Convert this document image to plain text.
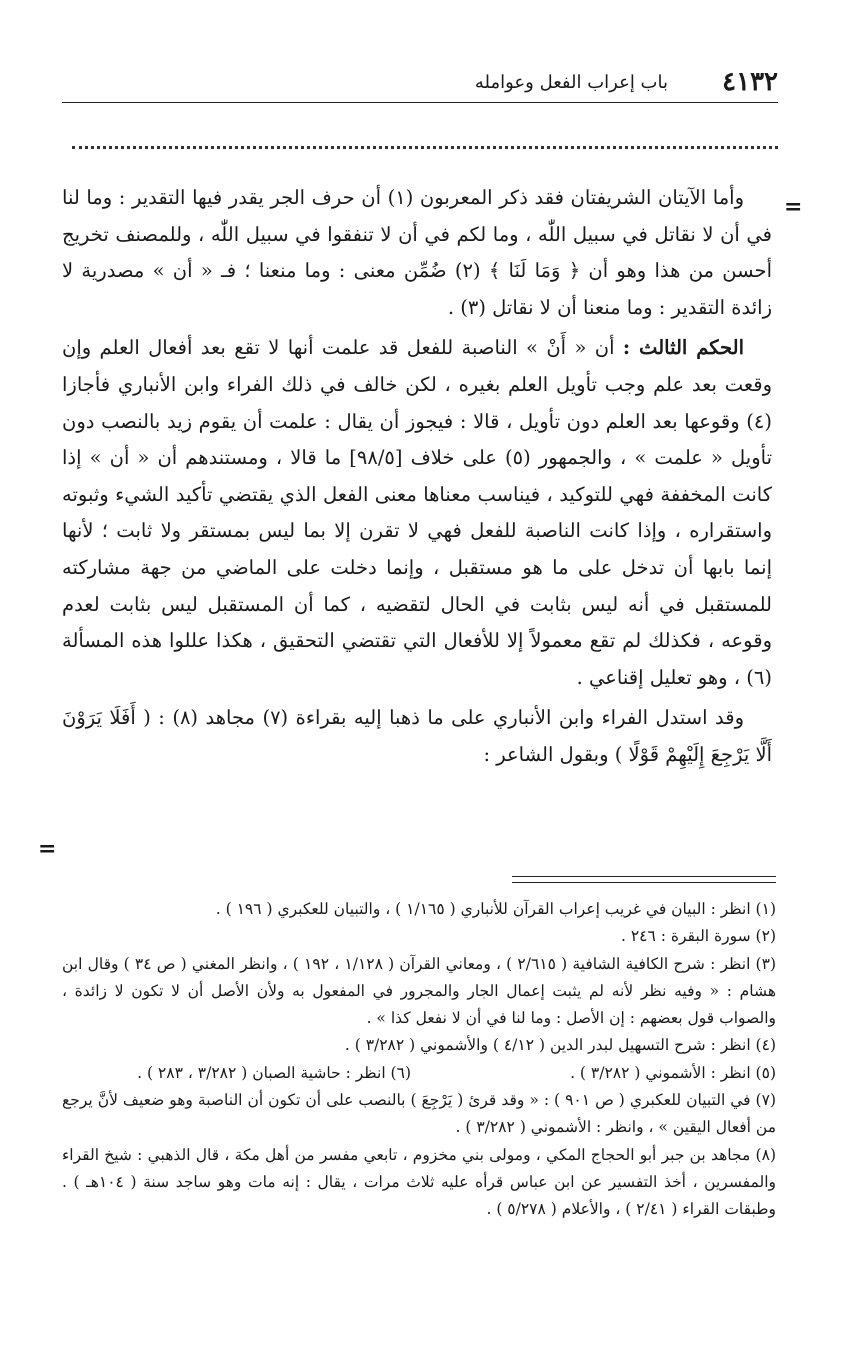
٤١٣٢
باب إعراب الفعل وعوامله
=
=

وأما الآيتان الشريفتان فقد ذكر المعربون (١) أن حرف الجر يقدر فيها التقدير : وما لنا في أن لا نقاتل في سبيل اللّٰه ، وما لكم في أن لا تنفقوا في سبيل اللّٰه ، وللمصنف تخريج أحسن من هذا وهو أن ﴿ وَمَا لَنَا ﴾ (٢) ضُمِّن معنى : وما منعنا ؛ فـ « أن » مصدرية لا زائدة التقدير : وما منعنا أن لا نقاتل (٣) .

الحكم الثالث : أن « أَنْ » الناصبة للفعل قد علمت أنها لا تقع بعد أفعال العلم وإن وقعت بعد علم وجب تأويل العلم بغيره ، لكن خالف في ذلك الفراء وابن الأنباري فأجازا (٤) وقوعها بعد العلم دون تأويل ، قالا : فيجوز أن يقال : علمت أن يقوم زيد بالنصب دون تأويل « علمت » ، والجمهور (٥) على خلاف [٩٨/٥] ما قالا ، ومستندهم أن « أن » إذا كانت المخففة فهي للتوكيد ، فيناسب معناها معنى الفعل الذي يقتضي تأكيد الشيء وثبوته واستقراره ، وإذا كانت الناصبة للفعل فهي لا تقرن إلا بما ليس بمستقر ولا ثابت ؛ لأنها إنما بابها أن تدخل على ما هو مستقبل ، وإنما دخلت على الماضي من جهة مشاركته للمستقبل في أنه ليس بثابت في الحال لتقضيه ، كما أن المستقبل ليس بثابت لعدم وقوعه ، فكذلك لم تقع معمولاً إلا للأفعال التي تقتضي التحقيق ، هكذا عللوا هذه المسألة (٦) ، وهو تعليل إقناعي .

وقد استدل الفراء وابن الأنباري على ما ذهبا إليه بقراءة (٧) مجاهد (٨) : ( أَفَلَا يَرَوْنَ أَلَّا يَرْجِعَ إِلَيْهِمْ قَوْلًا ) وبقول الشاعر :

(١) انظر : البيان في غريب إعراب القرآن للأنباري ( ١/١٦٥ ) ، والتبيان للعكبري ( ١٩٦ ) .

(٢) سورة البقرة : ٢٤٦ .

(٣) انظر : شرح الكافية الشافية ( ٢/٦١٥ ) ، ومعاني القرآن ( ١/١٢٨ ، ١٩٢ ) ، وانظر المغني ( ص ٣٤ ) وقال ابن هشام : « وفيه نظر لأنه لم يثبت إعمال الجار والمجرور في المفعول به ولأن الأصل أن لا تكون لا زائدة ، والصواب قول بعضهم : إن الأصل : وما لنا في أن لا نفعل كذا » .

(٤) انظر : شرح التسهيل لبدر الدين ( ٤/١٢ ) والأشموني ( ٣/٢٨٢ ) .

(٥) انظر : الأشموني ( ٣/٢٨٢ ) .
(٦) انظر : حاشية الصبان ( ٣/٢٨٢ ، ٢٨٣ ) .

(٧) في التبيان للعكبري ( ص ٩٠١ ) : « وقد قرئ ( يَرْجِعَ ) بالنصب على أن تكون أن الناصبة وهو ضعيف لأنَّ يرجع من أفعال اليقين » ، وانظر : الأشموني ( ٣/٢٨٢ ) .

(٨) مجاهد بن جبر أبو الحجاج المكي ، ومولى بني مخزوم ، تابعي مفسر من أهل مكة ، قال الذهبي : شيخ القراء والمفسرين ، أخذ التفسير عن ابن عباس قرأه عليه ثلاث مرات ، يقال : إنه مات وهو ساجد سنة ( ١٠٤هـ ) . وطبقات القراء ( ٢/٤١ ) ، والأعلام ( ٥/٢٧٨ ) .
